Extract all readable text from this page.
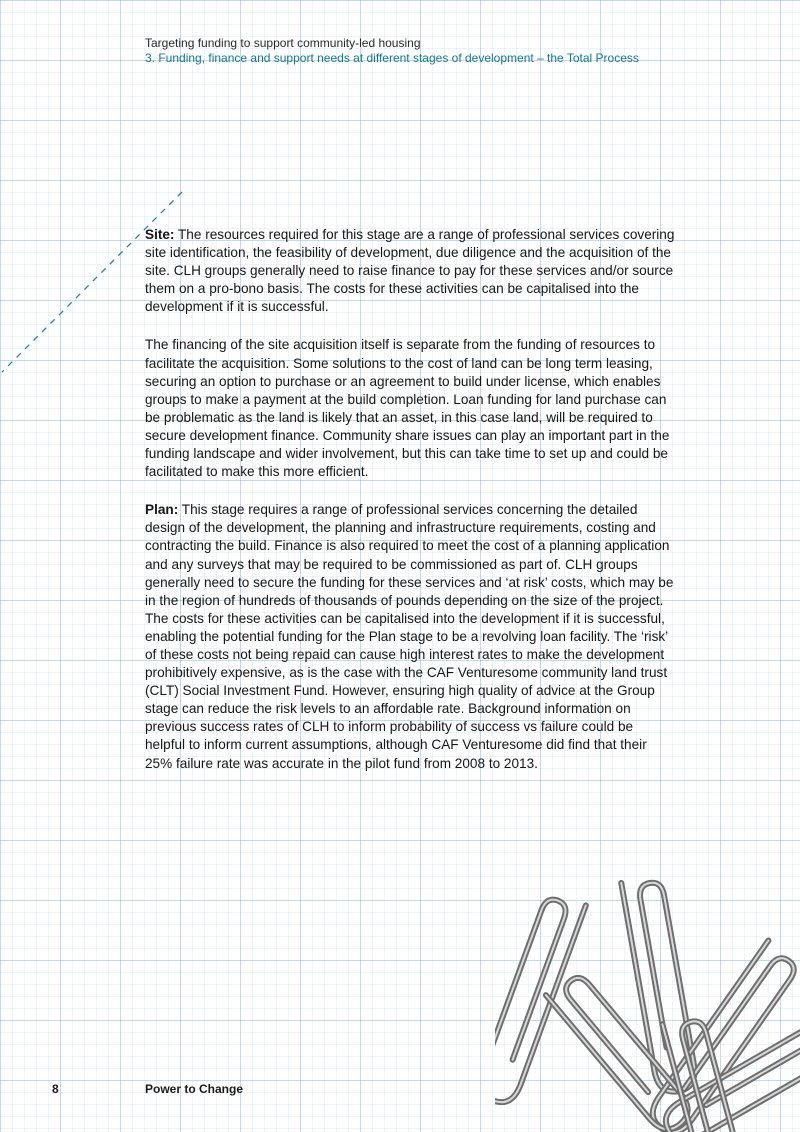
Targeting funding to support community-led housing
3. Funding, finance and support needs at different stages of development – the Total Process

Site: The resources required for this stage are a range of professional services covering site identification, the feasibility of development, due diligence and the acquisition of the site. CLH groups generally need to raise finance to pay for these services and/or source them on a pro-bono basis. The costs for these activities can be capitalised into the development if it is successful.

The financing of the site acquisition itself is separate from the funding of resources to facilitate the acquisition. Some solutions to the cost of land can be long term leasing, securing an option to purchase or an agreement to build under license, which enables groups to make a payment at the build completion. Loan funding for land purchase can be problematic as the land is likely that an asset, in this case land, will be required to secure development finance. Community share issues can play an important part in the funding landscape and wider involvement, but this can take time to set up and could be facilitated to make this more efficient.

Plan: This stage requires a range of professional services concerning the detailed design of the development, the planning and infrastructure requirements, costing and contracting the build. Finance is also required to meet the cost of a planning application and any surveys that may be required to be commissioned as part of. CLH groups generally need to secure the funding for these services and ‘at risk’ costs, which may be in the region of hundreds of thousands of pounds depending on the size of the project. The costs for these activities can be capitalised into the development if it is successful, enabling the potential funding for the Plan stage to be a revolving loan facility. The ‘risk’ of these costs not being repaid can cause high interest rates to make the development prohibitively expensive, as is the case with the CAF Venturesome community land trust (CLT) Social Investment Fund. However, ensuring high quality of advice at the Group stage can reduce the risk levels to an affordable rate. Background information on previous success rates of CLH to inform probability of success vs failure could be helpful to inform current assumptions, although CAF Venturesome did find that their 25% failure rate was accurate in the pilot fund from 2008 to 2013.

8	Power to Change
